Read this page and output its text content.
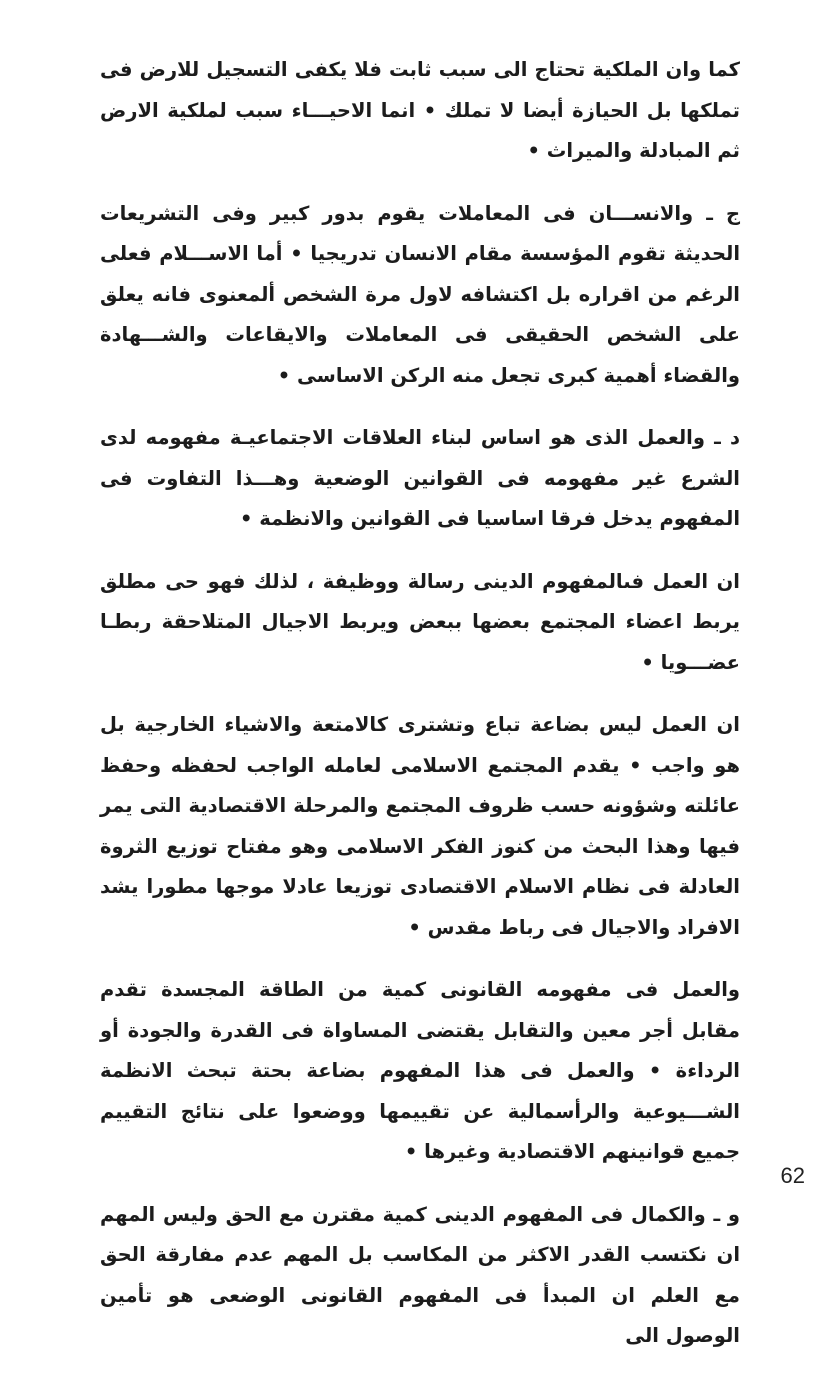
كما وان الملكية تحتاج الى سبب ثابت فلا يكفى التسجيل للارض فى تملكها بل الحيازة أيضا لا تملك • انما الاحيـــاء سبب لملكية الارض ثم المبادلة والميراث •

ج ـ والانســـان فى المعاملات يقوم بدور كبير وفى التشريعات الحديثة تقوم المؤسسة مقام الانسان تدريجيا • أما الاســـلام فعلى الرغم من اقراره بل اكتشافه لاول مرة الشخص ألمعنوى فانه يعلق على الشخص الحقيقى فى المعاملات والايقاعات والشـــهادة والقضاء أهمية كبرى تجعل منه الركن الاساسى •

د ـ والعمل الذى هو اساس لبناء العلاقات الاجتماعيـة مفهومه لدى الشرع غير مفهومه فى القوانين الوضعية وهـــذا التفاوت فى المفهوم يدخل فرقا اساسيا فى القوانين والانظمة •

ان العمل فىالمفهوم الدينى رسالة ووظيفة ، لذلك فهو حى مطلق يربط اعضاء المجتمع بعضها ببعض ويربط الاجيال المتلاحقة ربطـا عضـــويا •

ان العمل ليس بضاعة تباع وتشترى كالامتعة والاشياء الخارجية بل هو واجب • يقدم المجتمع الاسلامى لعامله الواجب لحفظه وحفظ عائلته وشؤونه حسب ظروف المجتمع والمرحلة الاقتصادية التى يمر فيها وهذا البحث من كنوز الفكر الاسلامى وهو مفتاح توزيع الثروة العادلة فى نظام الاسلام الاقتصادى توزيعا عادلا موجها مطورا يشد الافراد والاجيال فى رباط مقدس •

والعمل فى مفهومه القانونى كمية من الطاقة المجسدة تقدم مقابل أجر معين والتقابل يقتضى المساواة فى القدرة والجودة أو الرداءة • والعمل فى هذا المفهوم بضاعة بحتة تبحث الانظمة الشـــيوعية والرأسمالية عن تقييمها ووضعوا على نتائج التقييم جميع قوانينهم الاقتصادية وغيرها •

و ـ والكمال فى المفهوم الدينى كمية مقترن مع الحق وليس المهم ان نكتسب القدر الاكثر من المكاسب بل المهم عدم مفارقة الحق مع العلم ان المبدأ فى المفهوم القانونى الوضعى هو تأمين الوصول الى

62
